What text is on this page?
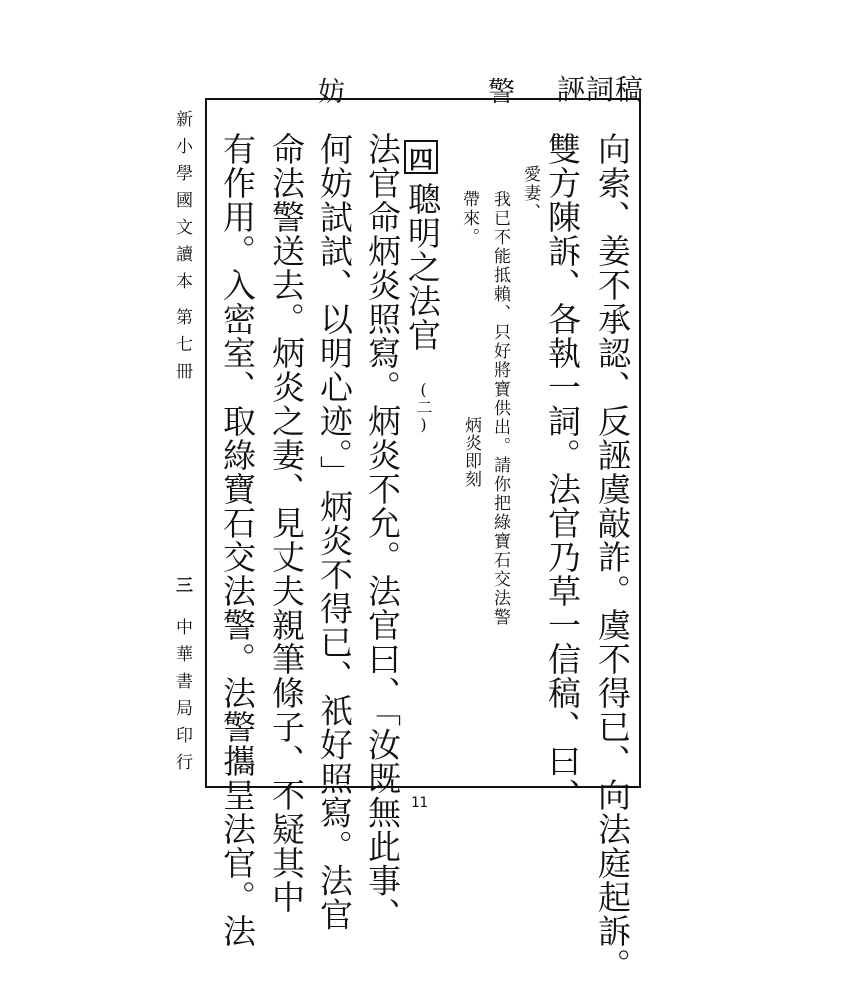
妨	警 誣詞稿
向索、姜不承認、反誣虞敲詐。虞不得已、向法庭起訴。
雙方陳訴、各執一詞。法官乃草一信稿、曰、
愛妻、
我已不能抵賴、只好將寶供出。請你把綠寶石交法警
帶來。
炳炎即刻
四
聰明之法官
(二)
法官命炳炎照寫。炳炎不允。法官曰、「汝既無此事、
何妨試試、以明心迹。」炳炎不得已、祇好照寫。法官
命法警送去。炳炎之妻、見丈夫親筆條子、不疑其中
有作用。入密室、取綠寶石交法警。法警攜呈法官。法
新小學國文讀本
第七冊
三
中華書局印行
11
